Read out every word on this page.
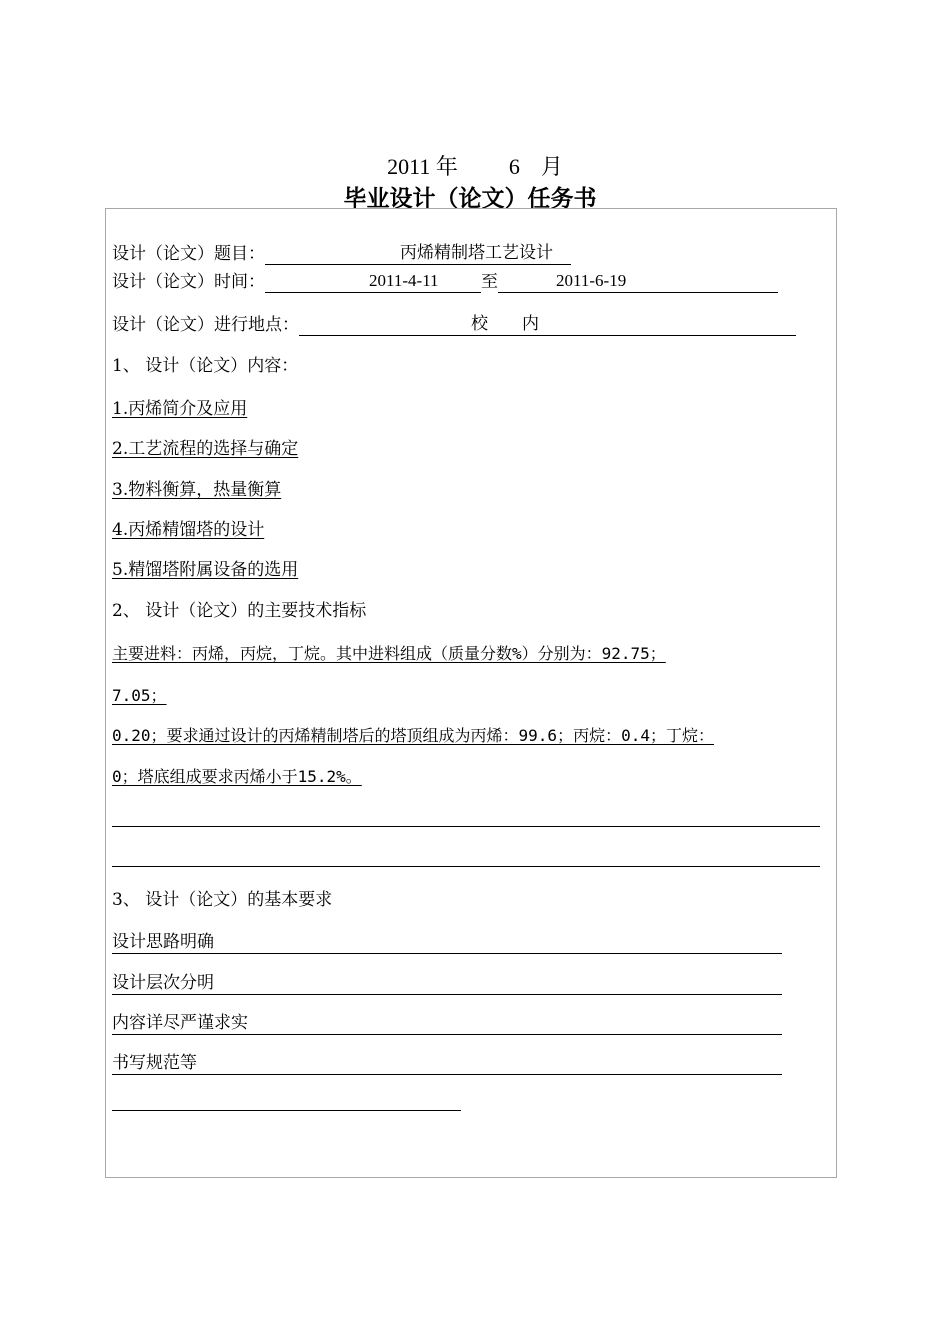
2011 年 6 月
毕业设计（论文）任务书
设计（论文）题目：	丙烯精制塔工艺设计
设计（论文）时间：	2011-4-11 至	2011-6-19
设计（论文）进行地点：	校　　内
1、 设计（论文）内容：
1.丙烯简介及应用
2.工艺流程的选择与确定
3.物料衡算，热量衡算
4.丙烯精馏塔的设计
5.精馏塔附属设备的选用
2、 设计（论文）的主要技术指标
主要进料：丙烯，丙烷，丁烷。其中进料组成（质量分数%）分别为：92.75；
7.05；
0.20；要求通过设计的丙烯精制塔后的塔顶组成为丙烯：99.6；丙烷：0.4；丁烷：
0；塔底组成要求丙烯小于15.2%。
3、 设计（论文）的基本要求
设计思路明确
设计层次分明
内容详尽严谨求实
书写规范等
